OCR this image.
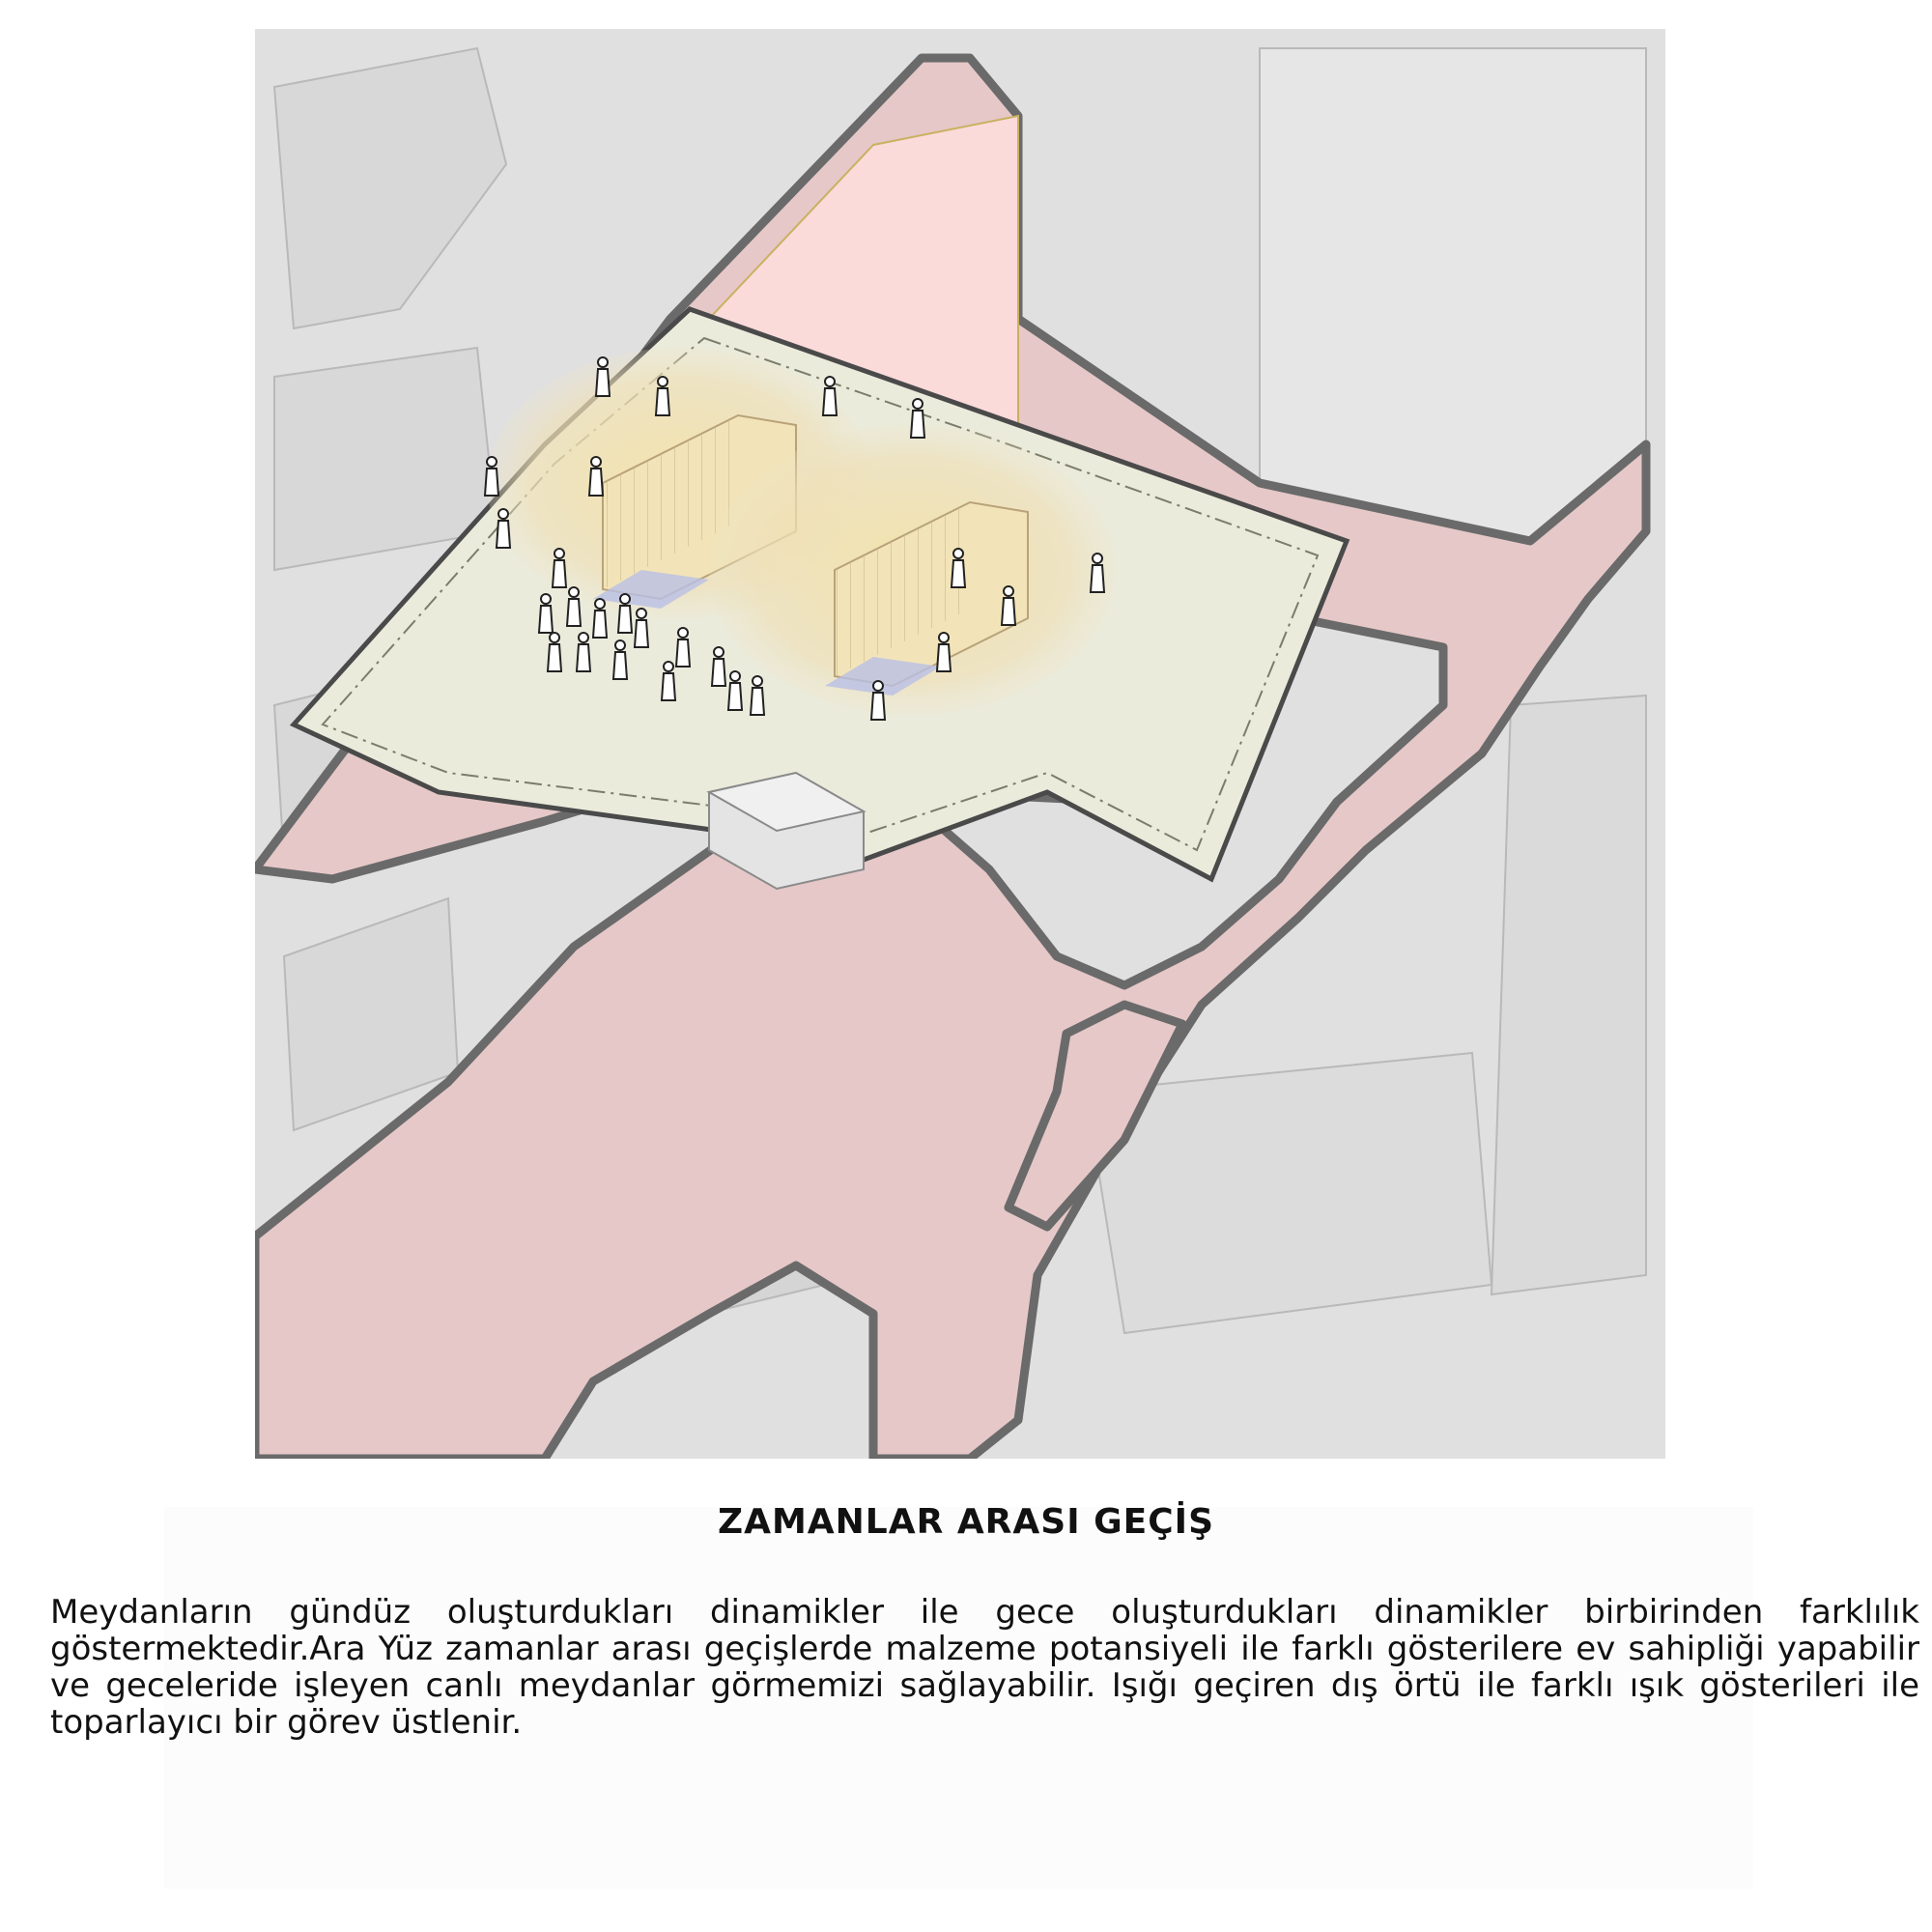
ZAMANLAR ARASI GEÇİŞ

Meydanların gündüz oluşturdukları dinamikler ile gece oluşturdukları dinamikler birbirinden farklılık göstermektedir.Ara Yüz zamanlar arası geçişlerde malzeme potansiyeli ile farklı gösterilere ev sahipliği yapabilir ve geceleride işleyen canlı meydanlar görmemizi sağlayabilir. Işığı geçiren dış örtü ile farklı ışık gösterileri ile toparlayıcı bir görev üstlenir.
